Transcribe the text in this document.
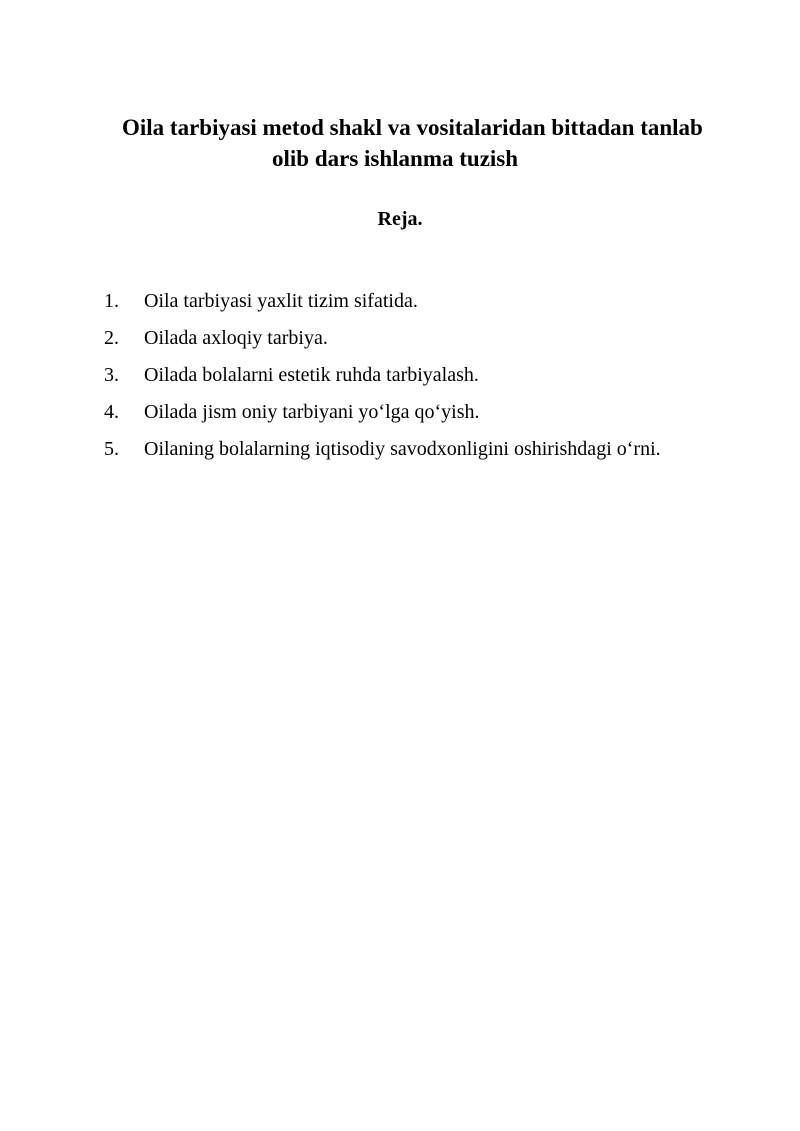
Oila tarbiyasi metod shakl va vositalaridan bittadan tanlab
olib dars ishlanma tuzish
Reja.
1.	Oila tarbiyasi yaxlit tizim sifatida.
2.	Oilada axloqiy tarbiya.
3.	Oilada bolalarni estetik ruhda tarbiyalash.
4.	Oilada jism oniy tarbiyani yo‘lga qo‘yish.
5.	Oilaning bolalarning iqtisodiy savodxonligini oshirishdagi o‘rni.
